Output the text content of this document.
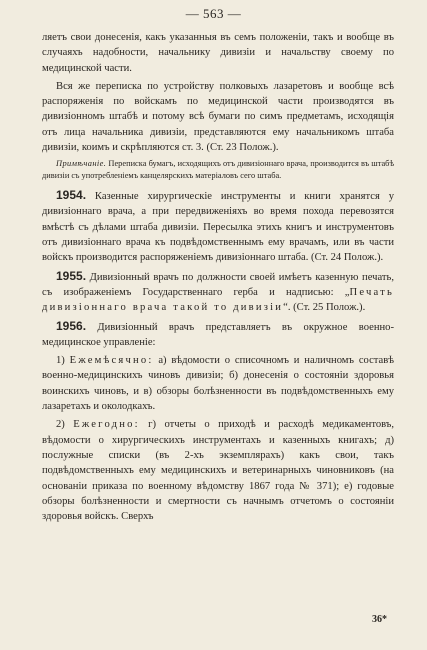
— 563 —

ляетъ свои донесенія, какъ указанныя въ семъ положеніи, такъ и вообще въ случаяхъ надобности, начальнику дивизіи и начальству своему по медицинской части.

Вся же переписка по устройству полковыхъ лазаретовъ и вообще всѣ распоряженія по войскамъ по медицинской части производятся въ дивизіонномъ штабѣ и потому всѣ бумаги по симъ предметамъ, исходящія отъ лица начальника дивизіи, представляются ему начальникомъ штаба дивизіи, коимъ и скрѣпляются ст. 3. (Ст. 23 Полож.).

Примѣчаніе. Переписка бумагъ, исходящихъ отъ дивизіоннаго врача, производится въ штабѣ дивизіи съ употребленіемъ канцелярскихъ матеріаловъ сего штаба.

1954. Казенные хирургическіе инструменты и книги хранятся у дивизіоннаго врача, а при передвиженіяхъ во время похода перевозятся вмѣстѣ съ дѣлами штаба дивизіи. Пересылка этихъ книгъ и инструментовъ отъ дивизіоннаго врача къ подвѣдомственнымъ ему врачамъ, или въ части войскъ производится распоряженіемъ дивизіоннаго штаба. (Ст. 24 Полож.).

1955. Дивизіонный врачъ по должности своей имѣетъ казенную печать, съ изображеніемъ Государственнаго герба и надписью: „Печать дивизіоннаго врача такой то дивизіи“. (Ст. 25 Полож.).

1956. Дивизіонный врачъ представляетъ въ окружное военно-медицинское управленіе:

1) Ежемѣсячно: а) вѣдомости о списочномъ и наличномъ составѣ военно-медицинскихъ чиновъ дивизіи; б) донесенія о состояніи здоровья воинскихъ чиновъ, и в) обзоры болѣзненности въ подвѣдомственныхъ ему лазаретахъ и околодкахъ.

2) Ежегодно: г) отчеты о приходѣ и расходѣ медикаментовъ, вѣдомости о хирургическихъ инструментахъ и казенныхъ книгахъ; д) послужные списки (въ 2-хъ экземплярахъ) какъ свои, такъ подвѣдомственныхъ ему медицинскихъ и ветеринарныхъ чиновниковъ (на основаніи приказа по военному вѣдомству 1867 года № 371); е) годовые обзоры болѣзненности и смертности съ начнымъ отчетомъ о состояніи здоровья войскъ. Сверхъ

36*
